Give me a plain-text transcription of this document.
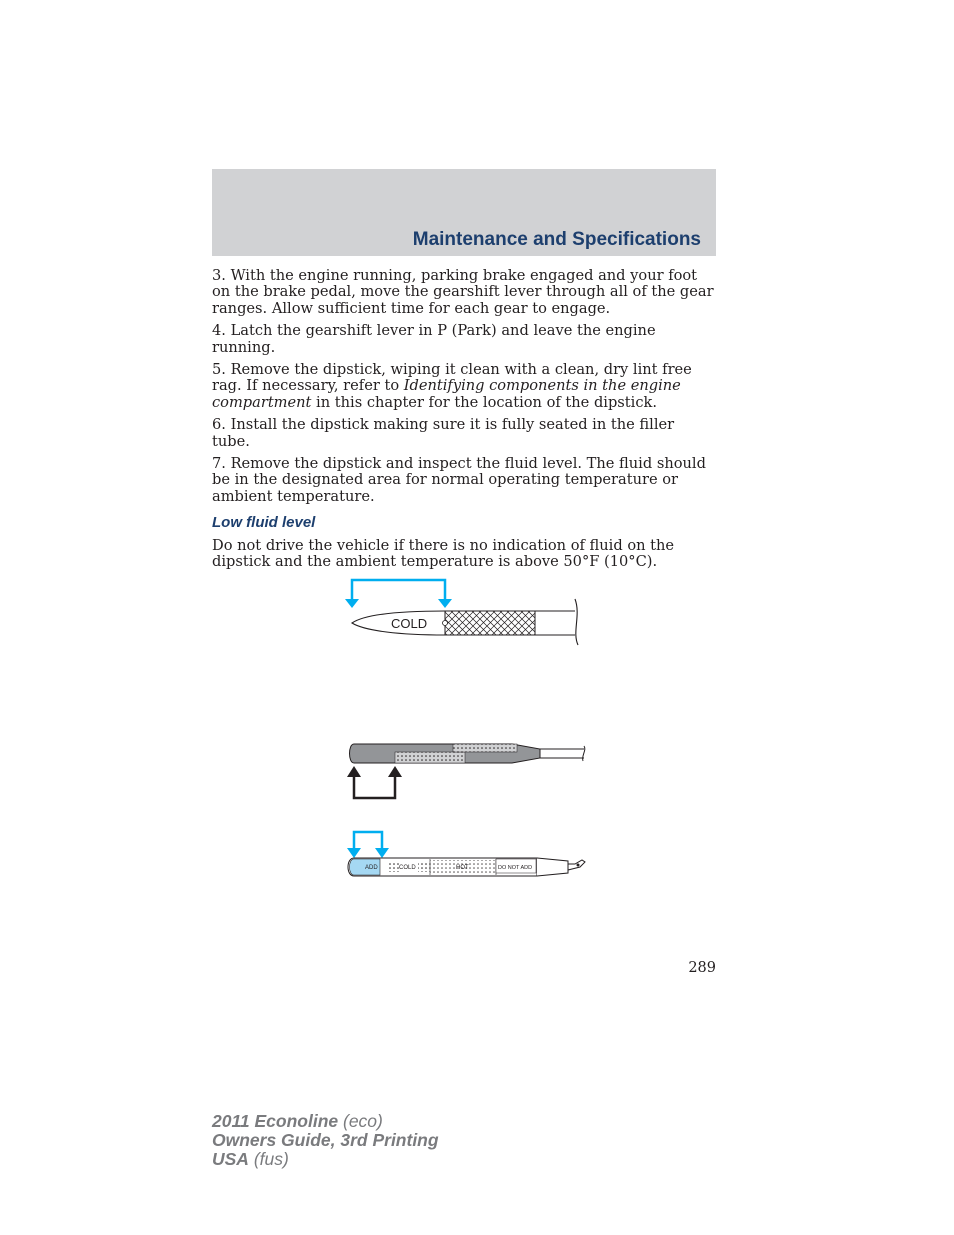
Maintenance and Specifications

3. With the engine running, parking brake engaged and your foot on the brake pedal, move the gearshift lever through all of the gear ranges. Allow sufficient time for each gear to engage.

4. Latch the gearshift lever in P (Park) and leave the engine running.

5. Remove the dipstick, wiping it clean with a clean, dry lint free rag. If necessary, refer to Identifying components in the engine compartment in this chapter for the location of the dipstick.

6. Install the dipstick making sure it is fully seated in the filler tube.

7. Remove the dipstick and inspect the fluid level. The fluid should be in the designated area for normal operating temperature or ambient temperature.

Low fluid level

Do not drive the vehicle if there is no indication of fluid on the dipstick and the ambient temperature is above 50°F (10°C).

COLD
ADD	COLD	HOT	DO NOT ADD
289
2011 Econoline (eco)
Owners Guide, 3rd Printing
USA (fus)
